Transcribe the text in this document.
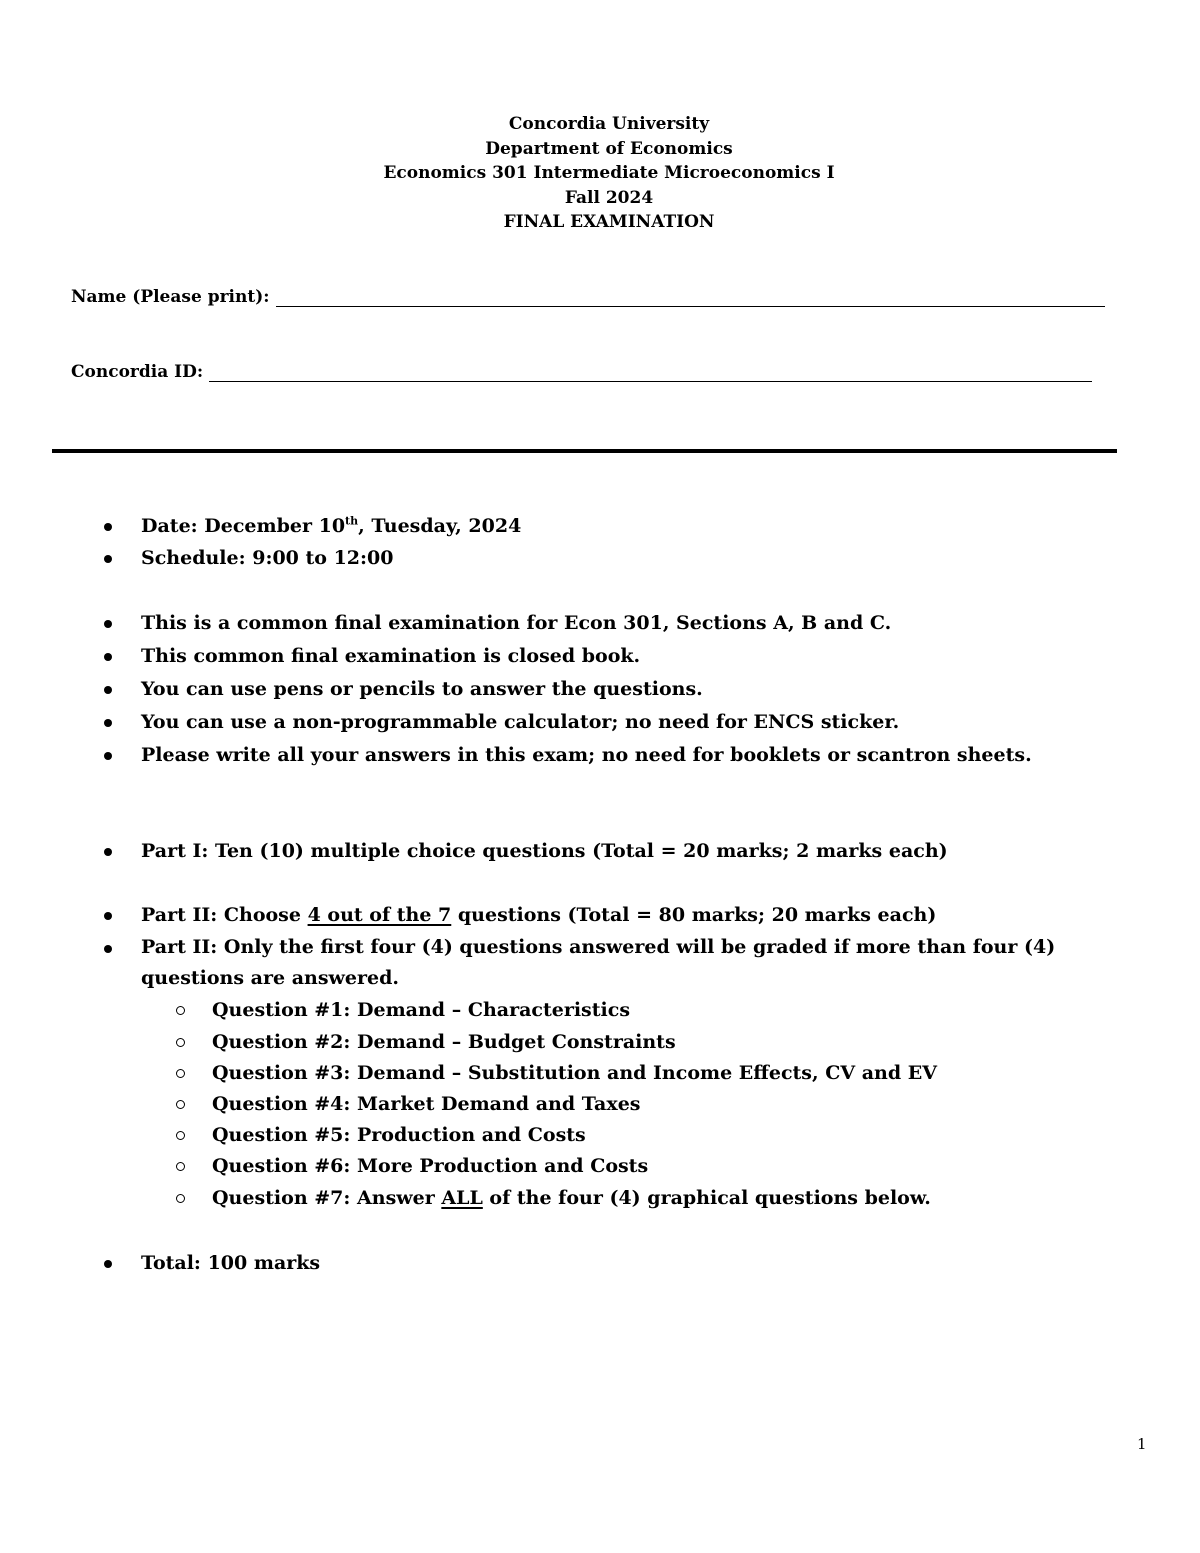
Concordia University
Department of Economics
Economics 301 Intermediate Microeconomics I
Fall 2024
FINAL EXAMINATION
Name (Please print):
Concordia ID:
Date: December 10th, Tuesday, 2024
Schedule: 9:00 to 12:00
This is a common final examination for Econ 301, Sections A, B and C.
This common final examination is closed book.
You can use pens or pencils to answer the questions.
You can use a non-programmable calculator; no need for ENCS sticker.
Please write all your answers in this exam; no need for booklets or scantron sheets.
Part I: Ten (10) multiple choice questions (Total = 20 marks; 2 marks each)
Part II: Choose 4 out of the 7 questions (Total = 80 marks; 20 marks each)
Part II: Only the first four (4) questions answered will be graded if more than four (4) questions are answered.
Question #1: Demand – Characteristics
Question #2: Demand – Budget Constraints
Question #3: Demand – Substitution and Income Effects, CV and EV
Question #4: Market Demand and Taxes
Question #5: Production and Costs
Question #6: More Production and Costs
Question #7: Answer ALL of the four (4) graphical questions below.
Total: 100 marks
1
